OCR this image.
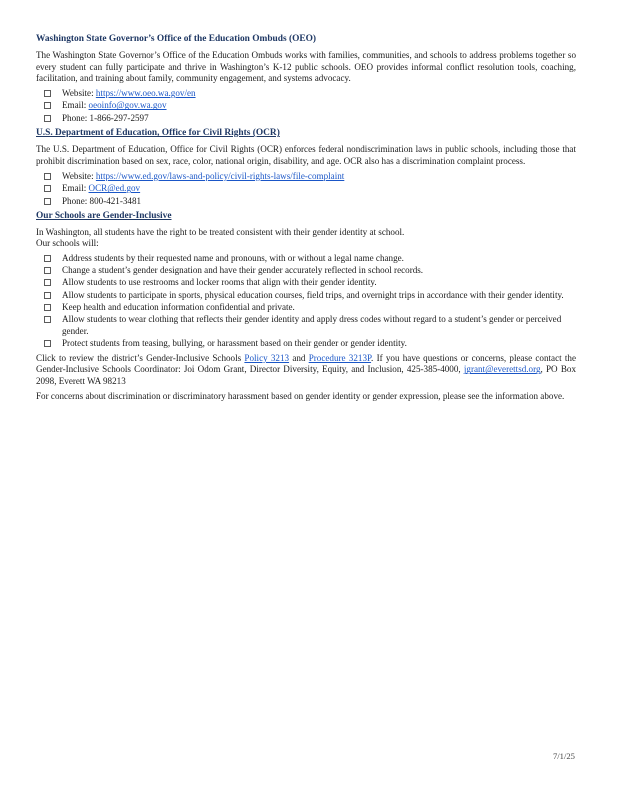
Washington State Governor’s Office of the Education Ombuds (OEO)

The Washington State Governor’s Office of the Education Ombuds works with families, communities, and schools to address problems together so every student can fully participate and thrive in Washington’s K-12 public schools. OEO provides informal conflict resolution tools, coaching, facilitation, and training about family, community engagement, and systems advocacy.

Website: https://www.oeo.wa.gov/en
Email: oeoinfo@gov.wa.gov
Phone: 1-866-297-2597
U.S. Department of Education, Office for Civil Rights (OCR)

The U.S. Department of Education, Office for Civil Rights (OCR) enforces federal nondiscrimination laws in public schools, including those that prohibit discrimination based on sex, race, color, national origin, disability, and age. OCR also has a discrimination complaint process.

Website: https://www.ed.gov/laws-and-policy/civil-rights-laws/file-complaint
Email: OCR@ed.gov
Phone: 800-421-3481
Our Schools are Gender-Inclusive

In Washington, all students have the right to be treated consistent with their gender identity at school.
Our schools will:

Address students by their requested name and pronouns, with or without a legal name change.
Change a student’s gender designation and have their gender accurately reflected in school records.
Allow students to use restrooms and locker rooms that align with their gender identity.
Allow students to participate in sports, physical education courses, field trips, and overnight trips in accordance with their gender identity.
Keep health and education information confidential and private.
Allow students to wear clothing that reflects their gender identity and apply dress codes without regard to a student’s gender or perceived gender.
Protect students from teasing, bullying, or harassment based on their gender or gender identity.

Click to review the district’s Gender-Inclusive Schools Policy 3213 and Procedure 3213P. If you have questions or concerns, please contact the Gender-Inclusive Schools Coordinator: Joi Odom Grant, Director Diversity, Equity, and Inclusion, 425-385-4000, jgrant@everettsd.org, PO Box 2098, Everett WA 98213

For concerns about discrimination or discriminatory harassment based on gender identity or gender expression, please see the information above.

7/1/25
